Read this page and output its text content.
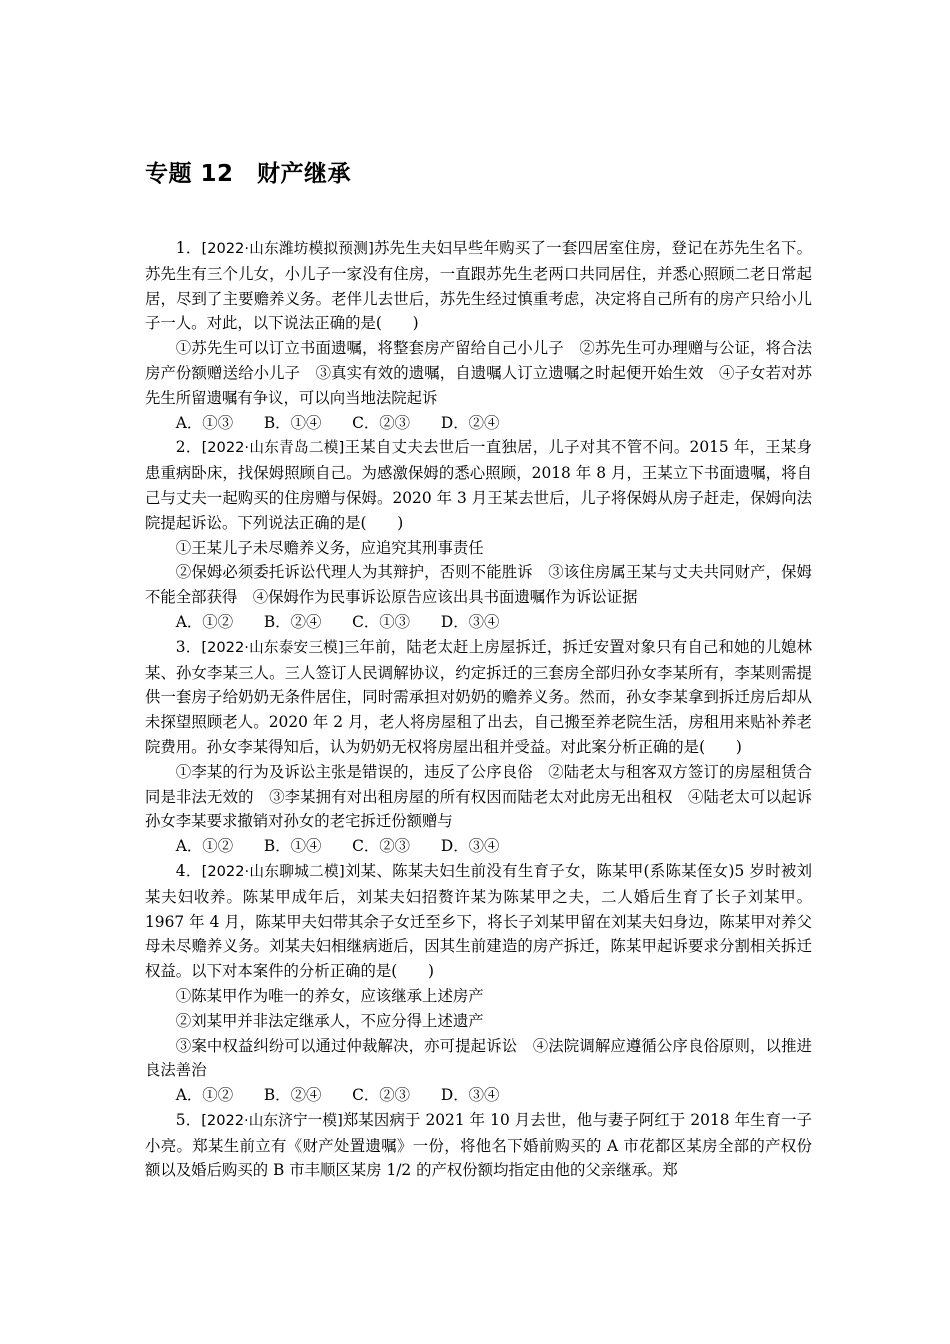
专题 12　财产继承

1．[2022·山东潍坊模拟预测]苏先生夫妇早些年购买了一套四居室住房，登记在苏先生名下。苏先生有三个儿女，小儿子一家没有住房，一直跟苏先生老两口共同居住，并悉心照顾二老日常起居，尽到了主要赡养义务。老伴儿去世后，苏先生经过慎重考虑，决定将自己所有的房产只给小儿子一人。对此，以下说法正确的是(　　)

①苏先生可以订立书面遗嘱，将整套房产留给自己小儿子　②苏先生可办理赠与公证，将合法房产份额赠送给小儿子　③真实有效的遗嘱，自遗嘱人订立遗嘱之时起便开始生效　④子女若对苏先生所留遗嘱有争议，可以向当地法院起诉

A．①③　　B．①④　　C．②③　　D．②④

2．[2022·山东青岛二模]王某自丈夫去世后一直独居，儿子对其不管不问。2015 年，王某身患重病卧床，找保姆照顾自己。为感激保姆的悉心照顾，2018 年 8 月，王某立下书面遗嘱，将自己与丈夫一起购买的住房赠与保姆。2020 年 3 月王某去世后，儿子将保姆从房子赶走，保姆向法院提起诉讼。下列说法正确的是(　　)

①王某儿子未尽赡养义务，应追究其刑事责任

②保姆必须委托诉讼代理人为其辩护，否则不能胜诉　③该住房属王某与丈夫共同财产，保姆不能全部获得　④保姆作为民事诉讼原告应该出具书面遗嘱作为诉讼证据

A．①②　　B．②④　　C．①③　　D．③④

3．[2022·山东泰安三模]三年前，陆老太赶上房屋拆迁，拆迁安置对象只有自己和她的儿媳林某、孙女李某三人。三人签订人民调解协议，约定拆迁的三套房全部归孙女李某所有，李某则需提供一套房子给奶奶无条件居住，同时需承担对奶奶的赡养义务。然而，孙女李某拿到拆迁房后却从未探望照顾老人。2020 年 2 月，老人将房屋租了出去，自己搬至养老院生活，房租用来贴补养老院费用。孙女李某得知后，认为奶奶无权将房屋出租并受益。对此案分析正确的是(　　)

①李某的行为及诉讼主张是错误的，违反了公序良俗　②陆老太与租客双方签订的房屋租赁合同是非法无效的　③李某拥有对出租房屋的所有权因而陆老太对此房无出租权　④陆老太可以起诉孙女李某要求撤销对孙女的老宅拆迁份额赠与

A．①②　　B．①④　　C．②③　　D．③④

4．[2022·山东聊城二模]刘某、陈某夫妇生前没有生育子女，陈某甲(系陈某侄女)5 岁时被刘某夫妇收养。陈某甲成年后，刘某夫妇招赘许某为陈某甲之夫，二人婚后生育了长子刘某甲。1967 年 4 月，陈某甲夫妇带其余子女迁至乡下，将长子刘某甲留在刘某夫妇身边，陈某甲对养父母未尽赡养义务。刘某夫妇相继病逝后，因其生前建造的房产拆迁，陈某甲起诉要求分割相关拆迁权益。以下对本案件的分析正确的是(　　)

①陈某甲作为唯一的养女，应该继承上述房产

②刘某甲并非法定继承人，不应分得上述遗产

③案中权益纠纷可以通过仲裁解决，亦可提起诉讼　④法院调解应遵循公序良俗原则，以推进良法善治

A．①②　　B．②④　　C．②③　　D．③④

5．[2022·山东济宁一模]郑某因病于 2021 年 10 月去世，他与妻子阿红于 2018 年生育一子小亮。郑某生前立有《财产处置遗嘱》一份，将他名下婚前购买的 A 市花都区某房全部的产权份额以及婚后购买的 B 市丰顺区某房 1/2 的产权份额均指定由他的父亲继承。郑
